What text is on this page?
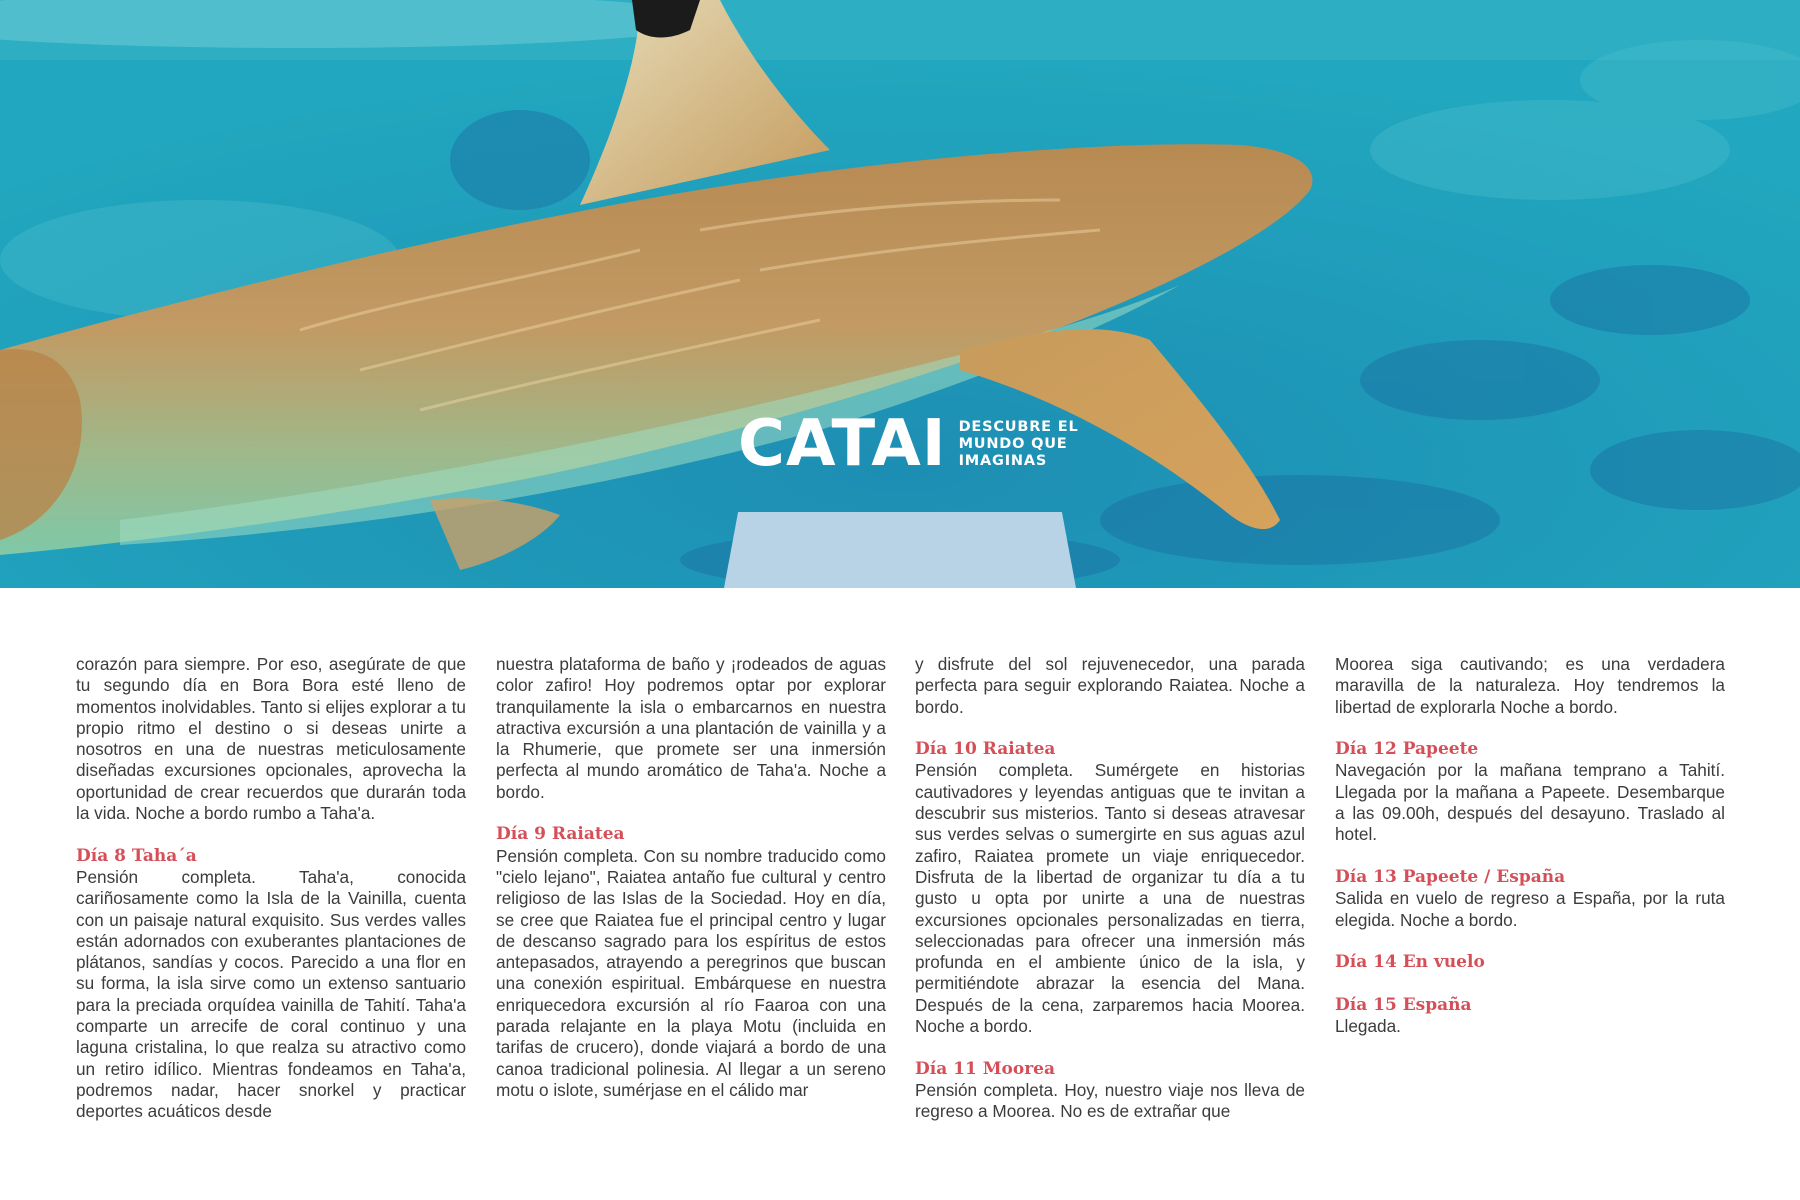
CATAI DESCUBRE EL
MUNDO QUE
IMAGINAS

corazón para siempre. Por eso, asegúrate de que tu segundo día en Bora Bora esté lleno de momentos inolvidables. Tanto si elijes explorar a tu propio ritmo el destino o si deseas unirte a nosotros en una de nuestras meticulosamente diseñadas excursiones opcionales, aprovecha la oportunidad de crear recuerdos que durarán toda la vida. Noche a bordo rumbo a Taha'a.

Día 8 Taha´a

Pensión completa. Taha'a, conocida cariñosamente como la Isla de la Vainilla, cuenta con un paisaje natural exquisito. Sus verdes valles están adornados con exuberantes plantaciones de plátanos, sandías y cocos. Parecido a una flor en su forma, la isla sirve como un extenso santuario para la preciada orquídea vainilla de Tahití. Taha'a comparte un arrecife de coral continuo y una laguna cristalina, lo que realza su atractivo como un retiro idílico. Mientras fondeamos en Taha'a, podremos nadar, hacer snorkel y practicar deportes acuáticos desde

nuestra plataforma de baño y ¡rodeados de aguas color zafiro! Hoy podremos optar por explorar tranquilamente la isla o embarcarnos en nuestra atractiva excursión a una plantación de vainilla y a la Rhumerie, que promete ser una inmersión perfecta al mundo aromático de Taha'a. Noche a bordo.

Día 9 Raiatea

Pensión completa. Con su nombre traducido como "cielo lejano", Raiatea antaño fue cultural y centro religioso de las Islas de la Sociedad. Hoy en día, se cree que Raiatea fue el principal centro y lugar de descanso sagrado para los espíritus de estos antepasados, atrayendo a peregrinos que buscan una conexión espiritual. Embárquese en nuestra enriquecedora excursión al río Faaroa con una parada relajante en la playa Motu (incluida en tarifas de crucero), donde viajará a bordo de una canoa tradicional polinesia. Al llegar a un sereno motu o islote, sumérjase en el cálido mar

y disfrute del sol rejuvenecedor, una parada perfecta para seguir explorando Raiatea. Noche a bordo.

Día 10 Raiatea

Pensión completa. Sumérgete en historias cautivadores y leyendas antiguas que te invitan a descubrir sus misterios. Tanto si deseas atravesar sus verdes selvas o sumergirte en sus aguas azul zafiro, Raiatea promete un viaje enriquecedor. Disfruta de la libertad de organizar tu día a tu gusto u opta por unirte a una de nuestras excursiones opcionales personalizadas en tierra, seleccionadas para ofrecer una inmersión más profunda en el ambiente único de la isla, y permitiéndote abrazar la esencia del Mana. Después de la cena, zarparemos hacia Moorea. Noche a bordo.

Día 11 Moorea

Pensión completa. Hoy, nuestro viaje nos lleva de regreso a Moorea. No es de extrañar que

Moorea siga cautivando; es una verdadera maravilla de la naturaleza. Hoy tendremos la libertad de explorarla Noche a bordo.

Día 12 Papeete

Navegación por la mañana temprano a Tahití. Llegada por la mañana a Papeete. Desembarque a las 09.00h, después del desayuno. Traslado al hotel.

Día 13 Papeete / España

Salida en vuelo de regreso a España, por la ruta elegida. Noche a bordo.

Día 14 En vuelo
Día 15 España

Llegada.
